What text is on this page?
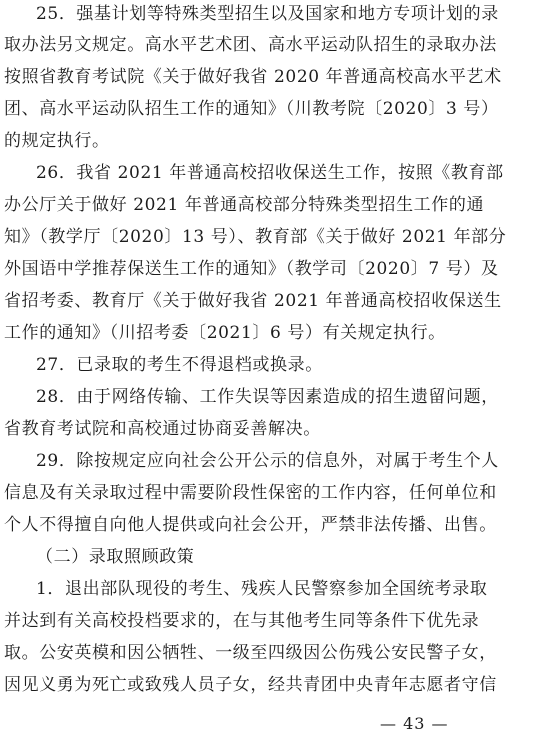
25．强基计划等特殊类型招生以及国家和地方专项计划的录
取办法另文规定。高水平艺术团、高水平运动队招生的录取办法
按照省教育考试院《关于做好我省 2020 年普通高校高水平艺术
团、高水平运动队招生工作的通知》（川教考院〔2020〕3 号）
的规定执行。
26．我省 2021 年普通高校招收保送生工作，按照《教育部
办公厅关于做好 2021 年普通高校部分特殊类型招生工作的通
知》（教学厅〔2020〕13 号）、教育部《关于做好 2021 年部分
外国语中学推荐保送生工作的通知》（教学司〔2020〕7 号）及
省招考委、教育厅《关于做好我省 2021 年普通高校招收保送生
工作的通知》（川招考委〔2021〕6 号）有关规定执行。
27．已录取的考生不得退档或换录。
28．由于网络传输、工作失误等因素造成的招生遗留问题，
省教育考试院和高校通过协商妥善解决。
29．除按规定应向社会公开公示的信息外，对属于考生个人
信息及有关录取过程中需要阶段性保密的工作内容，任何单位和
个人不得擅自向他人提供或向社会公开，严禁非法传播、出售。
（二）录取照顾政策
1．退出部队现役的考生、残疾人民警察参加全国统考录取
并达到有关高校投档要求的，在与其他考生同等条件下优先录
取。公安英模和因公牺牲、一级至四级因公伤残公安民警子女，
因见义勇为死亡或致残人员子女，经共青团中央青年志愿者守信
— 43 —
